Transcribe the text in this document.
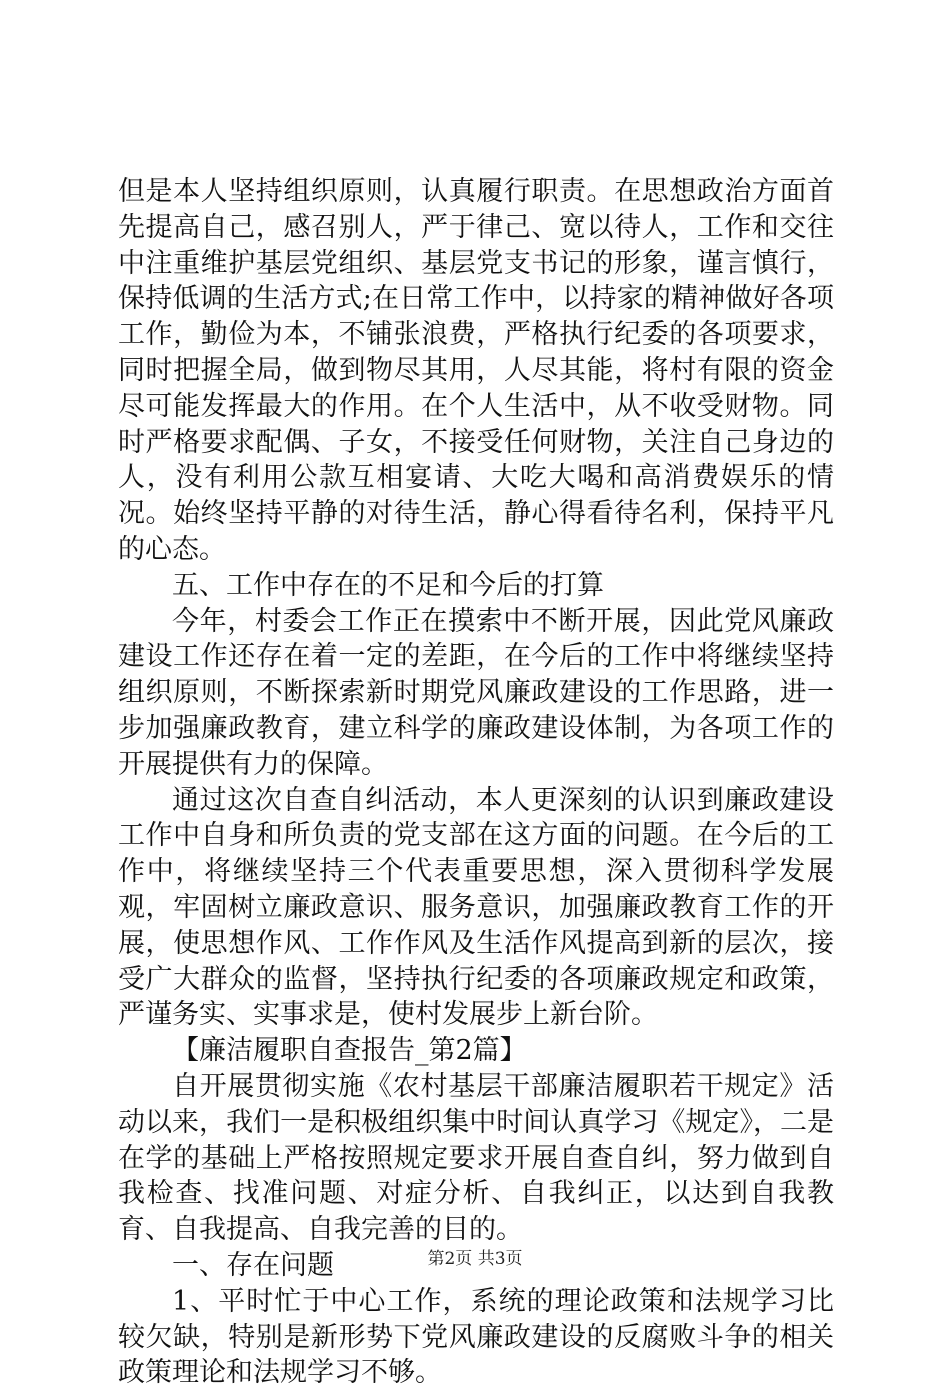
但是本人坚持组织原则，认真履行职责。在思想政治方面首先提高自己，感召别人，严于律己、宽以待人，工作和交往中注重维护基层党组织、基层党支书记的形象，谨言慎行，保持低调的生活方式;在日常工作中，以持家的精神做好各项工作，勤俭为本，不铺张浪费，严格执行纪委的各项要求，同时把握全局，做到物尽其用，人尽其能，将村有限的资金尽可能发挥最大的作用。在个人生活中，从不收受财物。同时严格要求配偶、子女，不接受任何财物，关注自己身边的人，没有利用公款互相宴请、大吃大喝和高消费娱乐的情况。始终坚持平静的对待生活，静心得看待名利，保持平凡的心态。

五、工作中存在的不足和今后的打算

今年，村委会工作正在摸索中不断开展，因此党风廉政建设工作还存在着一定的差距，在今后的工作中将继续坚持组织原则，不断探索新时期党风廉政建设的工作思路，进一步加强廉政教育，建立科学的廉政建设体制，为各项工作的开展提供有力的保障。

通过这次自查自纠活动，本人更深刻的认识到廉政建设工作中自身和所负责的党支部在这方面的问题。在今后的工作中，将继续坚持三个代表重要思想，深入贯彻科学发展观，牢固树立廉政意识、服务意识，加强廉政教育工作的开展，使思想作风、工作作风及生活作风提高到新的层次，接受广大群众的监督，坚持执行纪委的各项廉政规定和政策，严谨务实、实事求是，使村发展步上新台阶。

【廉洁履职自查报告_第2篇】

自开展贯彻实施《农村基层干部廉洁履职若干规定》活动以来，我们一是积极组织集中时间认真学习《规定》，二是在学的基础上严格按照规定要求开展自查自纠，努力做到自我检查、找准问题、对症分析、自我纠正，以达到自我教育、自我提高、自我完善的目的。

一、存在问题

1、平时忙于中心工作，系统的理论政策和法规学习比较欠缺，特别是新形势下党风廉政建设的反腐败斗争的相关政策理论和法规学习不够。

第2页 共3页
